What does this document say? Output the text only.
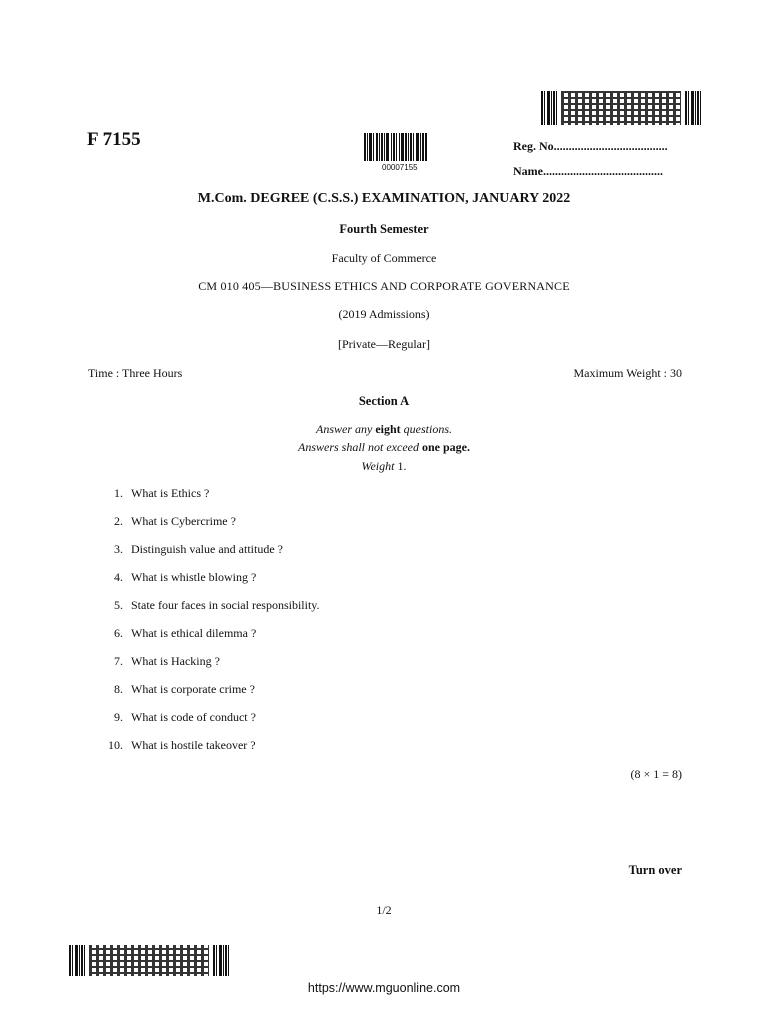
F 7155
00007155
Reg. No......................................
Name........................................
M.Com. DEGREE (C.S.S.) EXAMINATION, JANUARY 2022
Fourth Semester
Faculty of Commerce
CM 010 405—BUSINESS ETHICS AND CORPORATE GOVERNANCE
(2019 Admissions)
[Private—Regular]
Time : Three Hours	Maximum Weight : 30
Section A
Answer any eight questions.
Answers shall not exceed one page.
Weight 1.
1. What is Ethics ?
2. What is Cybercrime ?
3. Distinguish value and attitude ?
4. What is whistle blowing ?
5. State four faces in social responsibility.
6. What is ethical dilemma ?
7. What is Hacking ?
8. What is corporate crime ?
9. What is code of conduct ?
10. What is hostile takeover ?
(8 × 1 = 8)
Turn over
1/2
https://www.mguonline.com
